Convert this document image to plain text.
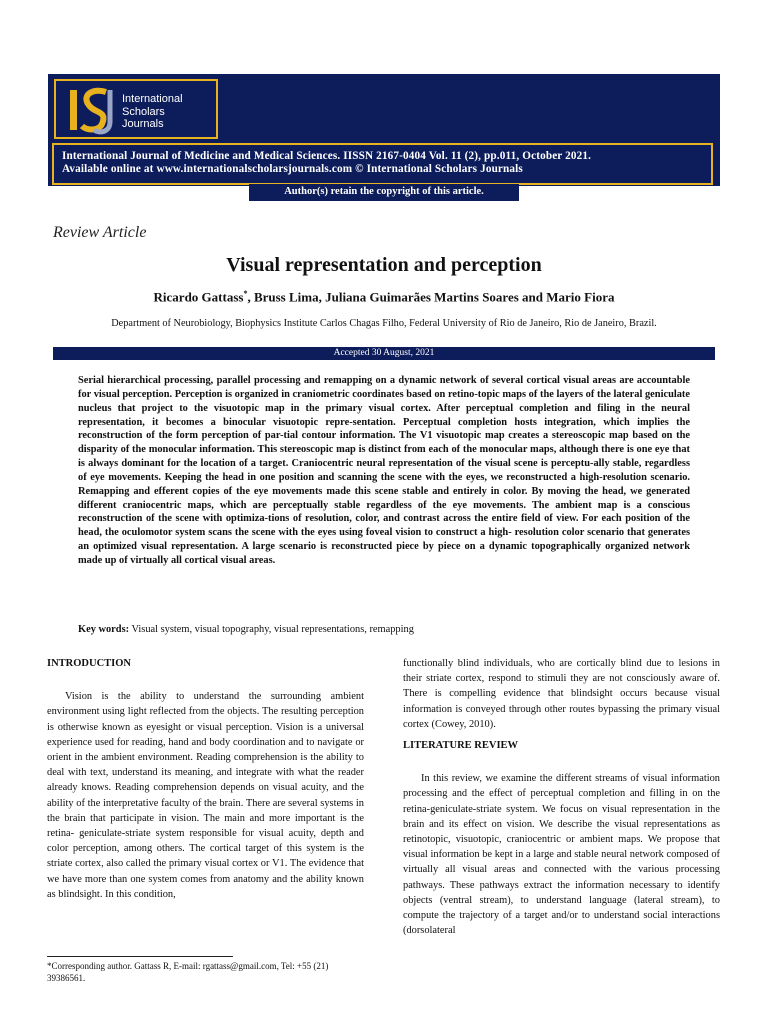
International
Scholars
Journals
International Journal of Medicine and Medical Sciences. IISSN 2167-0404 Vol. 11 (2), pp.011, October 2021.
Available online at www.internationalscholarsjournals.com © International Scholars Journals
Author(s) retain the copyright of this article.
Review Article
Visual representation and perception
Ricardo Gattass*, Bruss Lima, Juliana Guimarães Martins Soares and Mario Fiora
Department of Neurobiology, Biophysics Institute Carlos Chagas Filho, Federal University of Rio de Janeiro, Rio de Janeiro, Brazil.
Accepted 30 August, 2021
Serial hierarchical processing, parallel processing and remapping on a dynamic network of several cortical visual areas are accountable for visual perception. Perception is organized in craniometric coordinates based on retino-topic maps of the layers of the lateral geniculate nucleus that project to the visuotopic map in the primary visual cortex. After perceptual completion and filing in the neural representation, it becomes a binocular visuotopic repre-sentation. Perceptual completion hosts integration, which implies the reconstruction of the form perception of par-tial contour information. The V1 visuotopic map creates a stereoscopic map based on the disparity of the monocular information. This stereoscopic map is distinct from each of the monocular maps, although there is one eye that is always dominant for the location of a target. Craniocentric neural representation of the visual scene is perceptu-ally stable, regardless of eye movements. Keeping the head in one position and scanning the scene with the eyes, we reconstructed a high-resolution scenario. Remapping and efferent copies of the eye movements made this scene stable and entirely in color. By moving the head, we generated different craniocentric maps, which are perceptually stable regardless of the eye movements. The ambient map is a conscious reconstruction of the scene with optimiza-tions of resolution, color, and contrast across the entire field of view. For each position of the head, the oculomotor system scans the scene with the eyes using foveal vision to construct a high- resolution color scenario that generates an optimized visual representation. A large scenario is reconstructed piece by piece on a dynamic topographically organized network made up of virtually all cortical visual areas.
Key words: Visual system, visual topography, visual representations, remapping
INTRODUCTION

Vision is the ability to understand the surrounding ambient environment using light reflected from the objects. The resulting perception is otherwise known as eyesight or visual perception. Vision is a universal experience used for reading, hand and body coordination and to navigate or orient in the ambient environment. Reading comprehension is the ability to deal with text, understand its meaning, and integrate with what the reader already knows. Reading comprehension depends on visual acuity, and the ability of the interpretative faculty of the brain. There are several systems in the brain that participate in vision. The main and more important is the retina- geniculate-striate system responsible for visual acuity, depth and color perception, among others. The cortical target of this system is the striate cortex, also called the primary visual cortex or V1. The evidence that we have more than one system comes from anatomy and the ability known as blindsight. In this condition,

functionally blind individuals, who are cortically blind due to lesions in their striate cortex, respond to stimuli they are not consciously aware of. There is compelling evidence that blindsight occurs because visual information is conveyed through other routes bypassing the primary visual cortex (Cowey, 2010).

LITERATURE REVIEW

In this review, we examine the different streams of visual information processing and the effect of perceptual completion and filling in on the retina-geniculate-striate system. We focus on visual representation in the brain and its effect on vision. We describe the visual representations as retinotopic, visuotopic, craniocentric or ambient maps. We propose that visual information be kept in a large and stable neural network composed of virtually all visual areas and connected with the various processing pathways. These pathways extract the information necessary to identify objects (ventral stream), to understand language (lateral stream), to compute the trajectory of a target and/or to understand social interactions (dorsolateral

*Corresponding author. Gattass R, E-mail: rgattass@gmail.com, Tel: +55 (21) 39386561.
